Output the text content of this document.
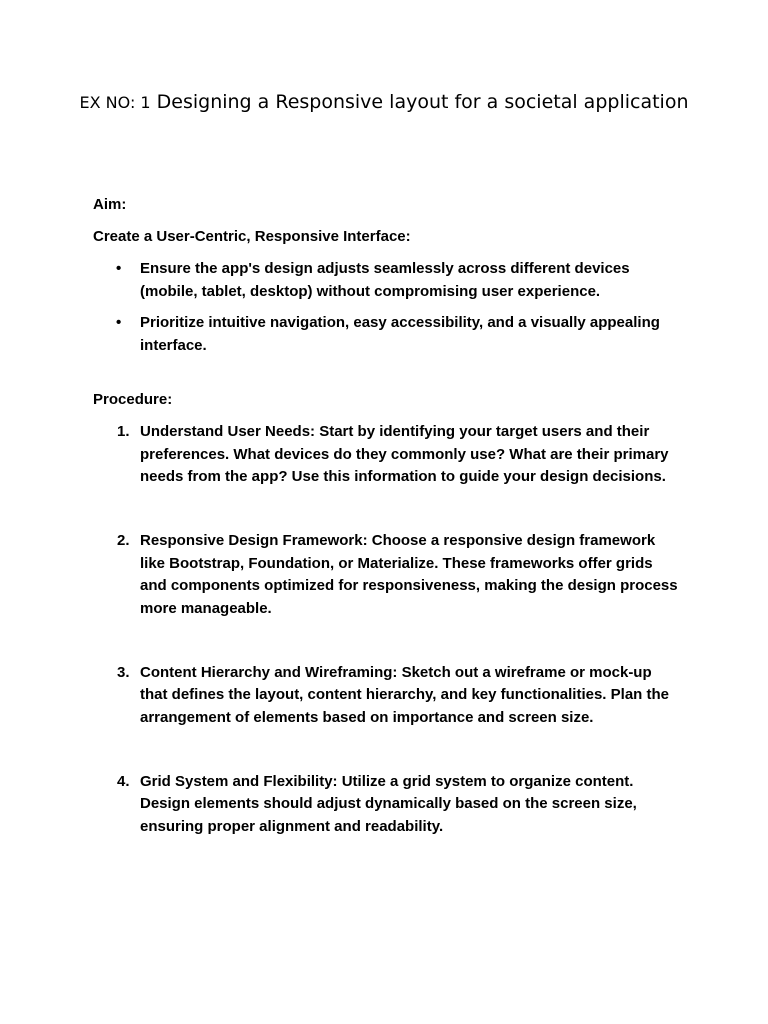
EX NO: 1 Designing a Responsive layout for a societal application

Aim:

Create a User-Centric, Responsive Interface:

• Ensure the app's design adjusts seamlessly across different devices (mobile, tablet, desktop) without compromising user experience.
• Prioritize intuitive navigation, easy accessibility, and a visually appealing interface.

Procedure:

1. Understand User Needs: Start by identifying your target users and their preferences. What devices do they commonly use? What are their primary needs from the app? Use this information to guide your design decisions.
2. Responsive Design Framework: Choose a responsive design framework like Bootstrap, Foundation, or Materialize. These frameworks offer grids and components optimized for responsiveness, making the design process more manageable.
3. Content Hierarchy and Wireframing: Sketch out a wireframe or mock-up that defines the layout, content hierarchy, and key functionalities. Plan the arrangement of elements based on importance and screen size.
4. Grid System and Flexibility: Utilize a grid system to organize content. Design elements should adjust dynamically based on the screen size, ensuring proper alignment and readability.
